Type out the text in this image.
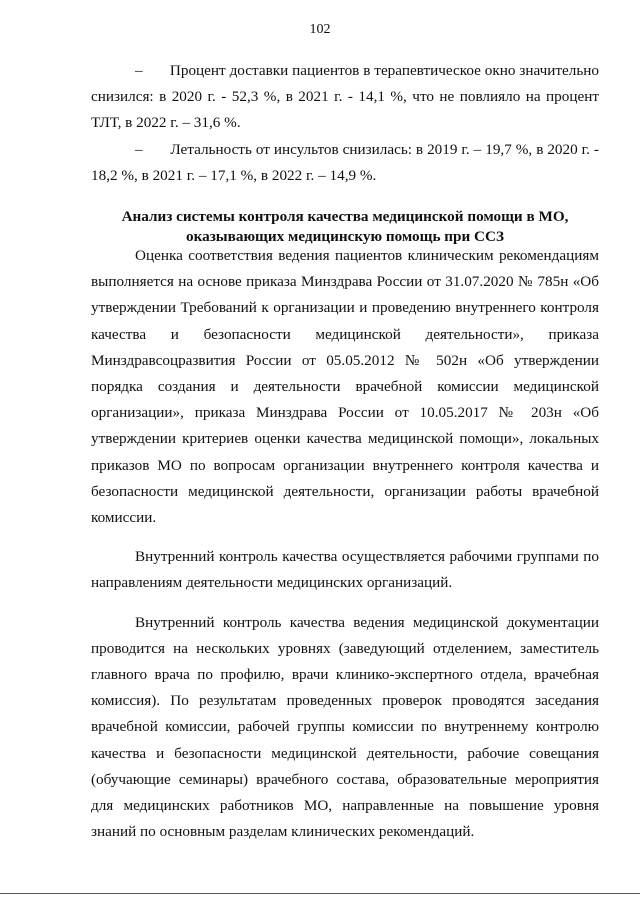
102

–       Процент доставки пациентов в терапевтическое окно значительно снизился: в 2020 г. - 52,3 %, в 2021 г. - 14,1 %, что не повлияло на процент ТЛТ, в 2022 г. – 31,6 %.

–       Летальность от инсультов снизилась: в 2019 г. – 19,7 %, в 2020 г. - 18,2 %, в 2021 г. – 17,1 %, в 2022 г. – 14,9 %.

Анализ системы контроля качества медицинской помощи в МО,
оказывающих медицинскую помощь при ССЗ

Оценка соответствия ведения пациентов клиническим рекомендациям выполняется на основе приказа Минздрава России от 31.07.2020 № 785н «Об утверждении Требований к организации и проведению внутреннего контроля качества и безопасности медицинской деятельности», приказа Минздравсоцразвития России от 05.05.2012 № 502н «Об утверждении порядка создания и деятельности врачебной комиссии медицинской организации», приказа Минздрава России от 10.05.2017 № 203н «Об утверждении критериев оценки качества медицинской помощи», локальных приказов МО по вопросам организации внутреннего контроля качества и безопасности медицинской деятельности, организации работы врачебной комиссии.

Внутренний контроль качества осуществляется рабочими группами по направлениям деятельности медицинских организаций.

Внутренний контроль качества ведения медицинской документации проводится на нескольких уровнях (заведующий отделением, заместитель главного врача по профилю, врачи клинико-экспертного отдела, врачебная комиссия). По результатам проведенных проверок проводятся заседания врачебной комиссии, рабочей группы комиссии по внутреннему контролю качества и безопасности медицинской деятельности, рабочие совещания (обучающие семинары) врачебного состава, образовательные мероприятия для медицинских работников МО, направленные на повышение уровня знаний по основным разделам клинических рекомендаций.
